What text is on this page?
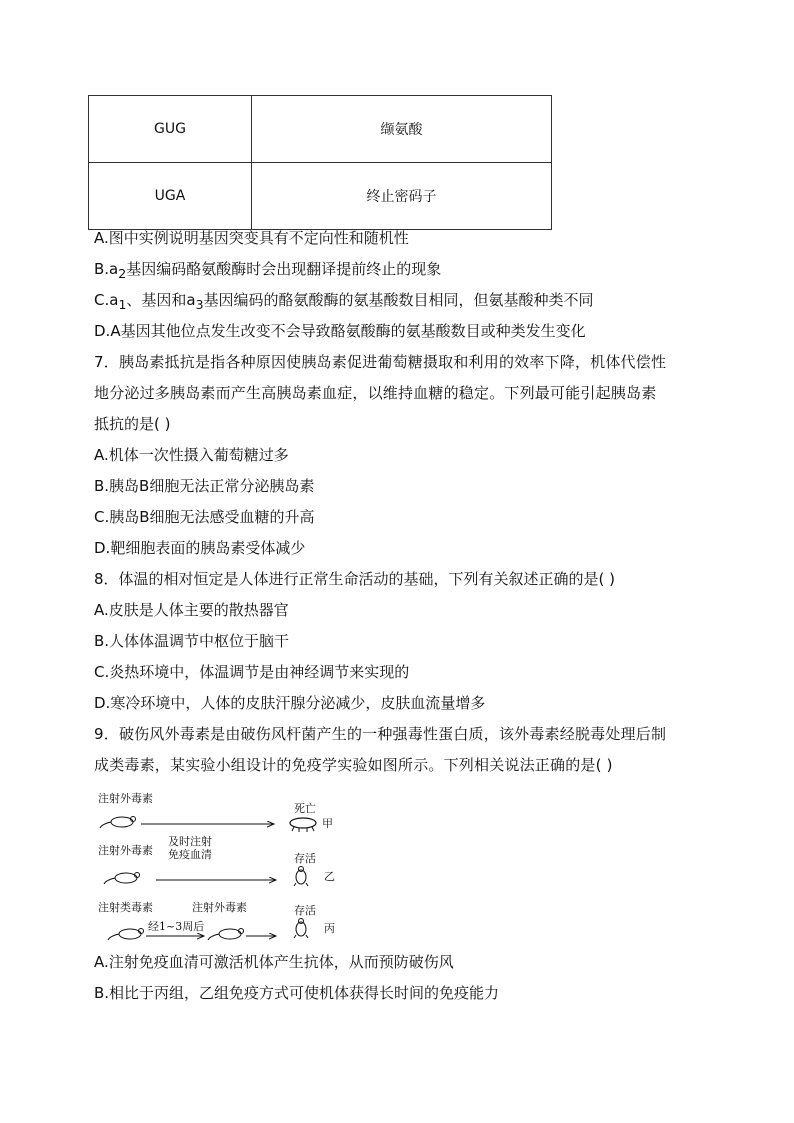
GUG	缬氨酸
UGA	终止密码子
A.图中实例说明基因突变具有不定向性和随机性
$B.a_2$基因编码酪氨酸酶时会出现翻译提前终止的现象
$C.a_1$、基因和$a_3$基因编码的酪氨酸酶的氨基酸数目相同，但氨基酸种类不同
D.A基因其他位点发生改变不会导致酪氨酸酶的氨基酸数目或种类发生变化
7．胰岛素抵抗是指各种原因使胰岛素促进葡萄糖摄取和利用的效率下降，机体代偿性
地分泌过多胰岛素而产生高胰岛素血症，以维持血糖的稳定。下列最可能引起胰岛素
抵抗的是( )
A.机体一次性摄入葡萄糖过多
B.胰岛B细胞无法正常分泌胰岛素
C.胰岛B细胞无法感受血糖的升高
D.靶细胞表面的胰岛素受体减少
8．体温的相对恒定是人体进行正常生命活动的基础，下列有关叙述正确的是( )
A.皮肤是人体主要的散热器官
B.人体体温调节中枢位于脑干
C.炎热环境中，体温调节是由神经调节来实现的
D.寒冷环境中，人体的皮肤汗腺分泌减少，皮肤血流量增多
9．破伤风外毒素是由破伤风杆菌产生的一种强毒性蛋白质，该外毒素经脱毒处理后制
成类毒素，某实验小组设计的免疫学实验如图所示。下列相关说法正确的是( )
注射外毒素
死亡
甲
注射外毒素
及时注射
免疫血清	存活
乙
注射类毒素	注射外毒素
经1~3周后
存活
丙
A.注射免疫血清可激活机体产生抗体，从而预防破伤风
B.相比于丙组，乙组免疫方式可使机体获得长时间的免疫能力
